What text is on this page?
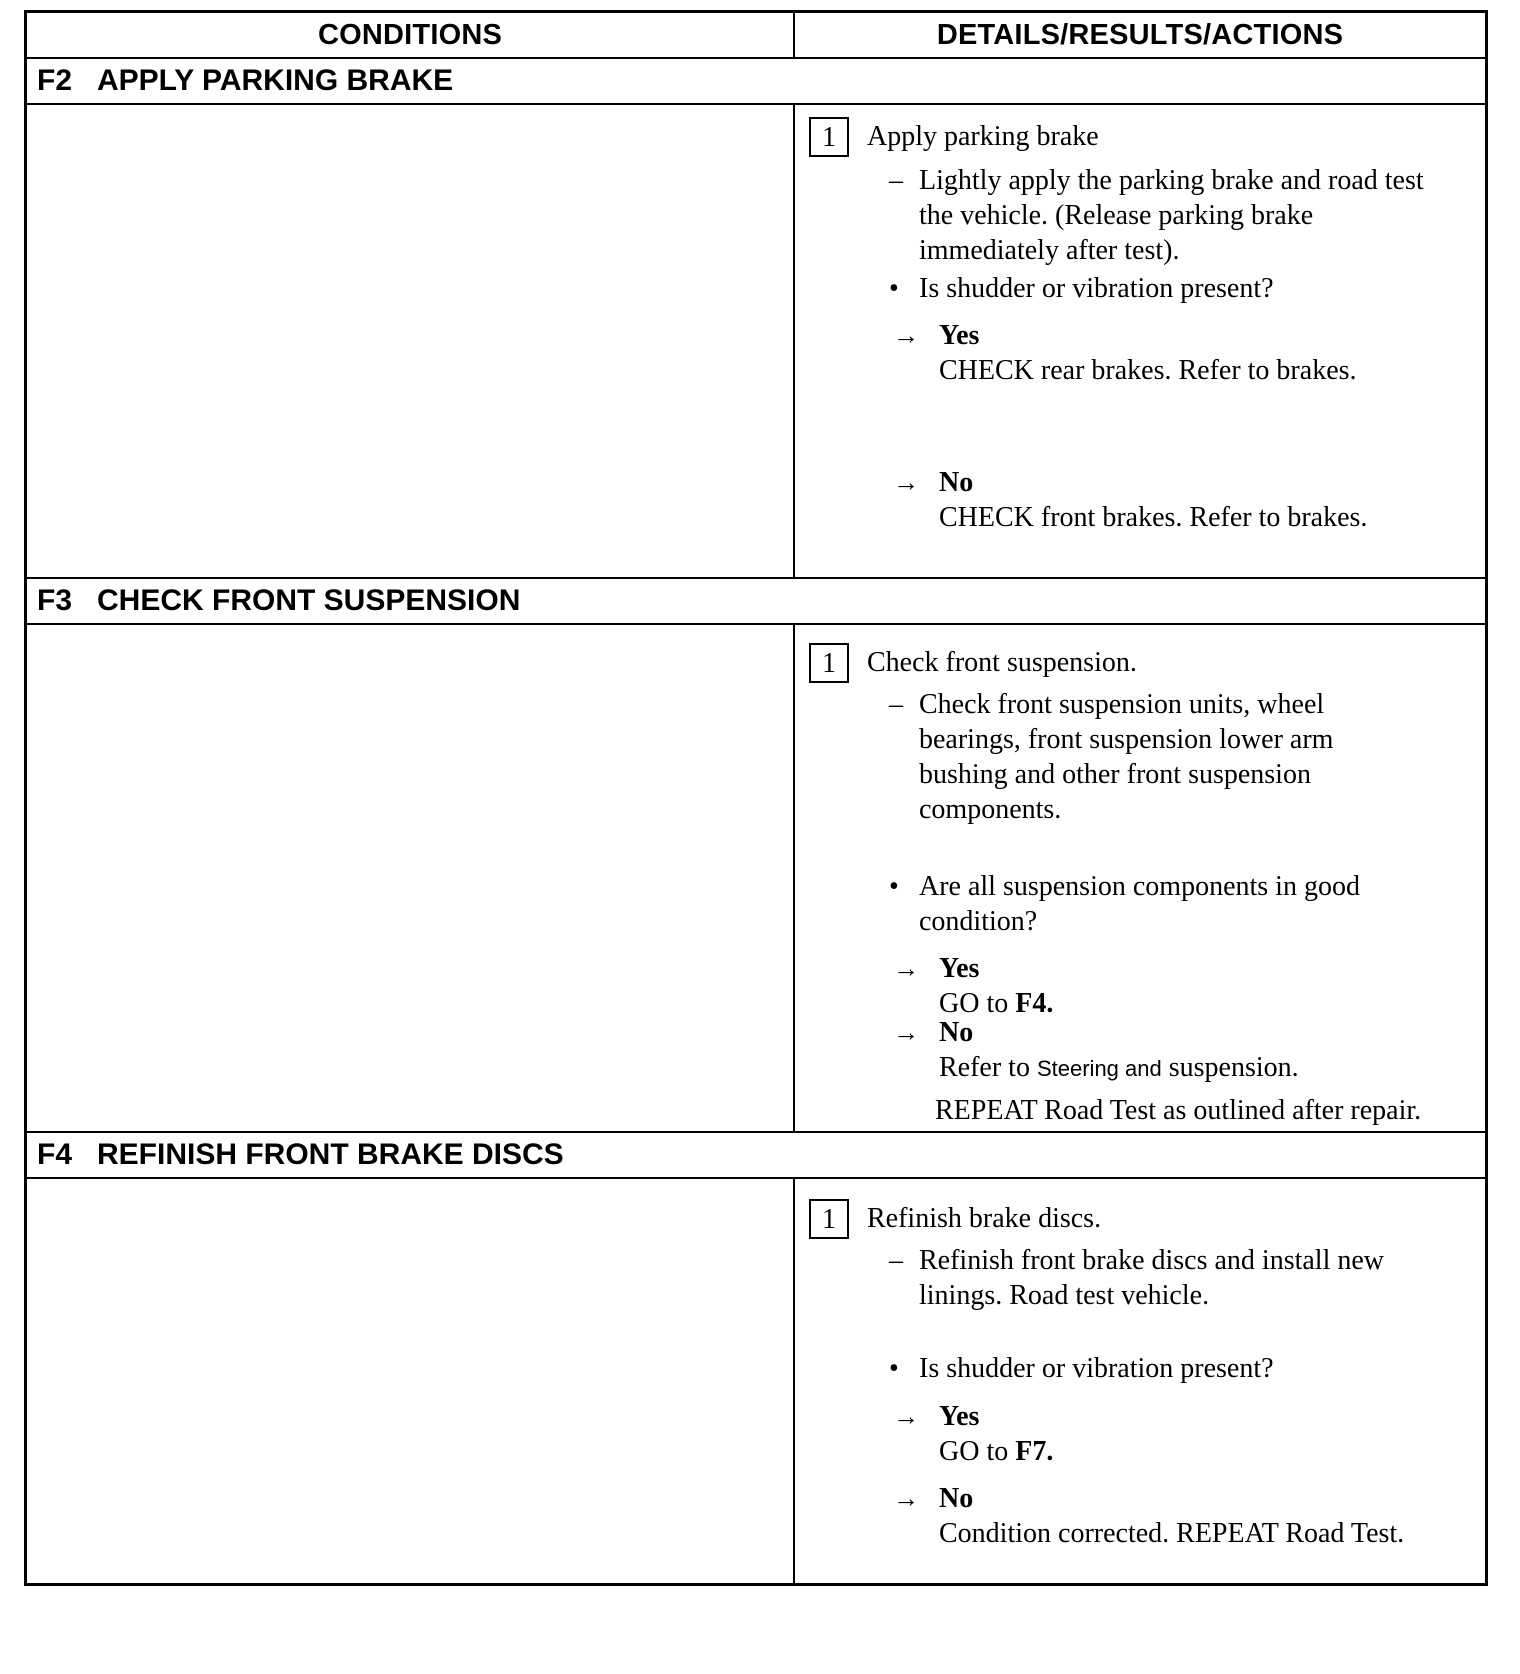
CONDITIONS	DETAILS/RESULTS/ACTIONS
F2 APPLY PARKING BRAKE
1	Apply parking brake
– Lightly apply the parking brake and road test
the vehicle. (Release parking brake
immediately after test).
• Is shudder or vibration present?
→ Yes
CHECK rear brakes. Refer to brakes.
→ No
CHECK front brakes. Refer to brakes.
F3 CHECK FRONT SUSPENSION
1	Check front suspension.
– Check front suspension units, wheel
bearings, front suspension lower arm
bushing and other front suspension
components.
• Are all suspension components in good
condition?
→ Yes
GO to F4.
→ No
Refer to Steering and suspension.
REPEAT Road Test as outlined after repair.
F4 REFINISH FRONT BRAKE DISCS
1	Refinish brake discs.
– Refinish front brake discs and install new
linings. Road test vehicle.
• Is shudder or vibration present?
→ Yes
GO to F7.
→ No
Condition corrected. REPEAT Road Test.
